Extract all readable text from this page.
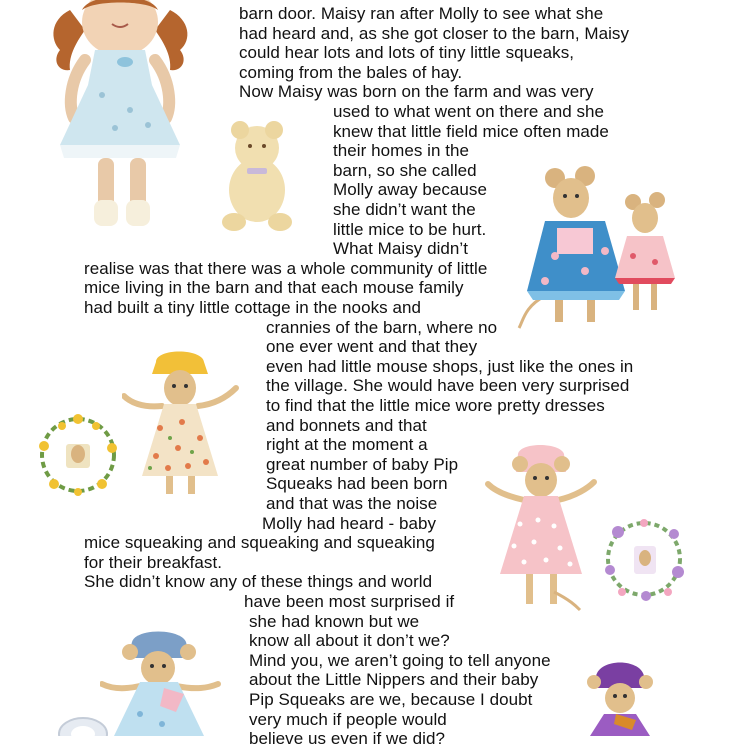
barn door. Maisy ran after Molly to see what she
had heard and, as she got closer to the barn, Maisy
could hear lots and lots of tiny little squeaks,
coming from the bales of hay.
Now Maisy was born on the farm and was very
used to what went on there and she
knew that little field mice often made
their homes in the
barn, so she called
Molly away because
she didn’t want the
little mice to be hurt.
What Maisy didn’t
realise was that there was a whole community of little
mice living in the barn and that each mouse family
had built a tiny little cottage in the nooks and
crannies of the barn, where no
one ever went and that they
even had little mouse shops, just like the ones in
the village. She would have been very surprised
to find that the little mice wore pretty dresses
and bonnets and that
right at the moment a
great number of baby Pip
Squeaks had been born
and that was the noise
Molly had heard - baby
mice squeaking and squeaking and squeaking
for their breakfast.
She didn’t know any of these things and world
have been most surprised if
she had known but we
know all about it don’t we?
Mind you, we aren’t going to tell anyone
about the Little Nippers and their baby
Pip Squeaks are we, because I doubt
very much if people would
believe us even if we did?
